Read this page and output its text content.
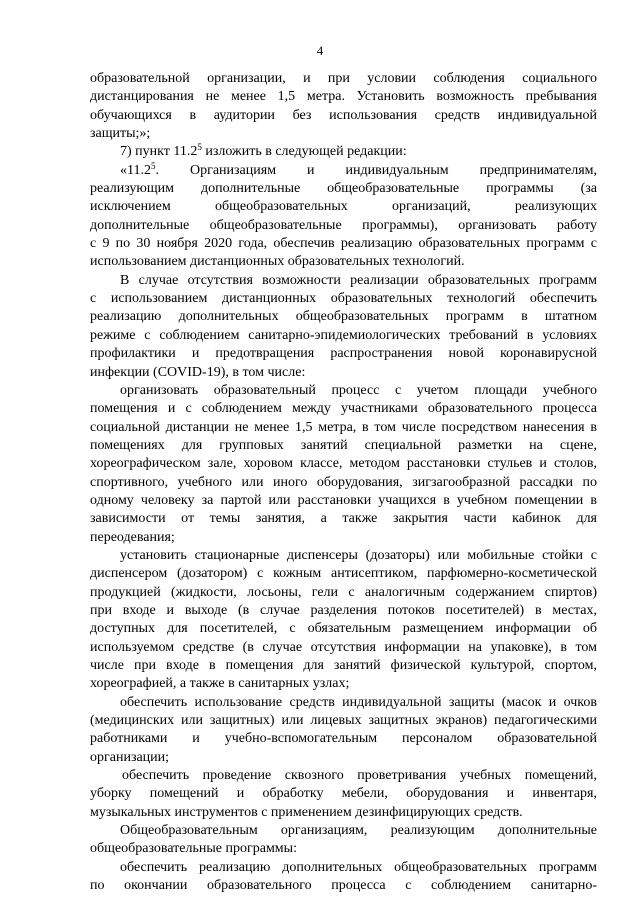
4
образовательной организации, и при условии соблюдения социального
дистанцирования не менее 1,5 метра. Установить возможность пребывания
обучающихся в аудитории без использования средств индивидуальной
защиты;»;
7) пункт 11.2$^5$ изложить в следующей редакции:
«11.2$^5$. Организациям и индивидуальным предпринимателям,
реализующим дополнительные общеобразовательные программы (за
исключением общеобразовательных организаций, реализующих
дополнительные общеобразовательные программы), организовать работу
с 9 по 30 ноября 2020 года, обеспечив реализацию образовательных программ с
использованием дистанционных образовательных технологий.
В случае отсутствия возможности реализации образовательных программ
с использованием дистанционных образовательных технологий обеспечить
реализацию дополнительных общеобразовательных программ в штатном
режиме с соблюдением санитарно-эпидемиологических требований в условиях
профилактики и предотвращения распространения новой коронавирусной
инфекции (COVID-19), в том числе:
организовать образовательный процесс с учетом площади учебного
помещения и с соблюдением между участниками образовательного процесса
социальной дистанции не менее 1,5 метра, в том числе посредством нанесения в
помещениях для групповых занятий специальной разметки на сцене,
хореографическом зале, хоровом классе, методом расстановки стульев и столов,
спортивного, учебного или иного оборудования, зигзагообразной рассадки по
одному человеку за партой или расстановки учащихся в учебном помещении в
зависимости от темы занятия, а также закрытия части кабинок для
переодевания;
установить стационарные диспенсеры (дозаторы) или мобильные стойки с
диспенсером (дозатором) с кожным антисептиком, парфюмерно-косметической
продукцией (жидкости, лосьоны, гели с аналогичным содержанием спиртов)
при входе и выходе (в случае разделения потоков посетителей) в местах,
доступных для посетителей, с обязательным размещением информации об
используемом средстве (в случае отсутствия информации на упаковке), в том
числе при входе в помещения для занятий физической культурой, спортом,
хореографией, а также в санитарных узлах;
обеспечить использование средств индивидуальной защиты (масок и очков
(медицинских или защитных) или лицевых защитных экранов) педагогическими
работниками и учебно-вспомогательным персоналом образовательной
организации;
обеспечить проведение сквозного проветривания учебных помещений,
уборку помещений и обработку мебели, оборудования и инвентаря,
музыкальных инструментов с применением дезинфицирующих средств.
Общеобразовательным организациям, реализующим дополнительные
общеобразовательные программы:
обеспечить реализацию дополнительных общеобразовательных программ
по окончании образовательного процесса с соблюдением санитарно-
